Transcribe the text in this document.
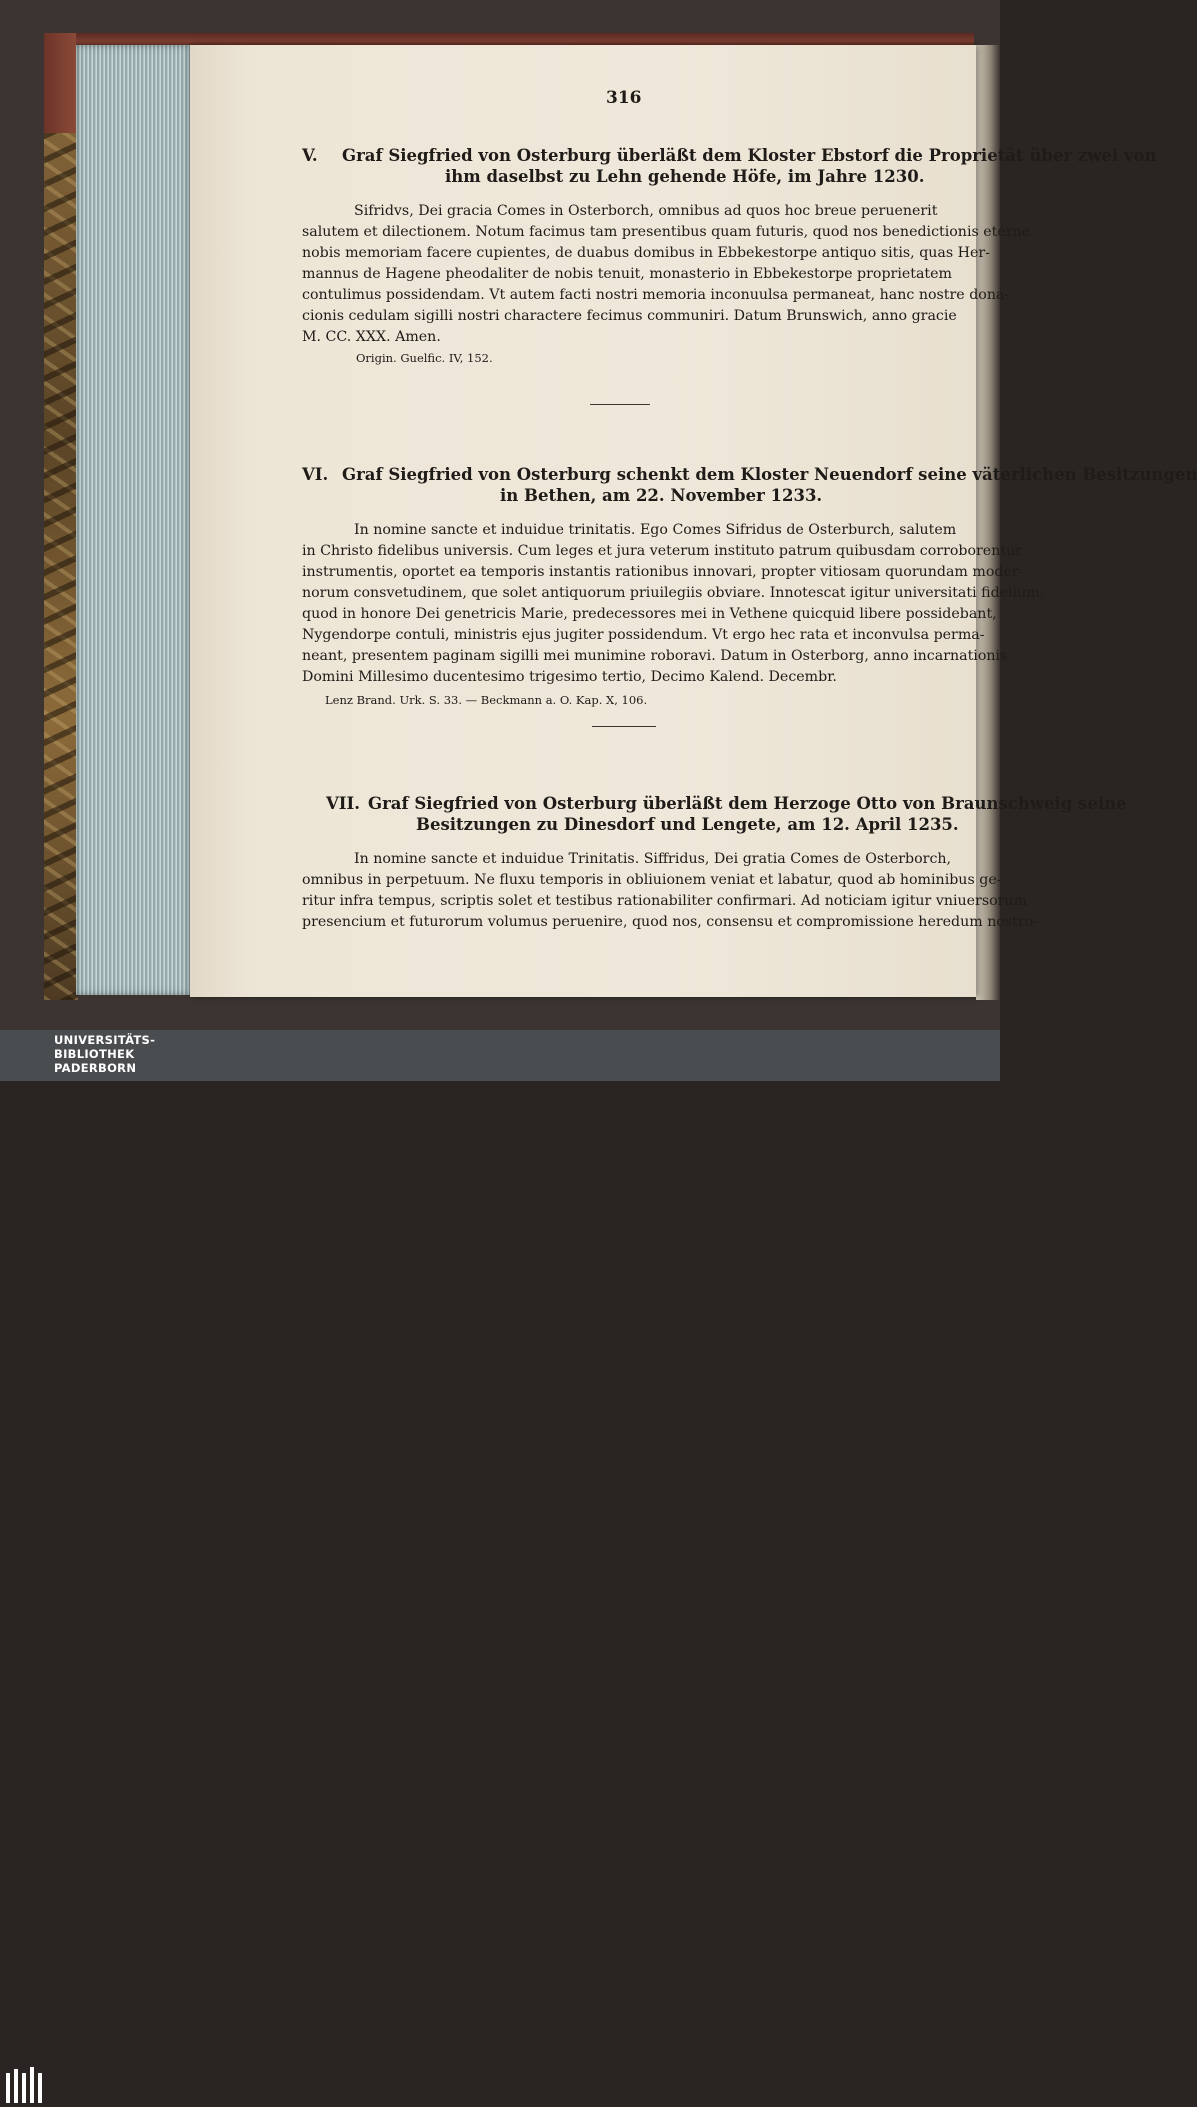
316
V. Graf Siegfried von Osterburg überläßt dem Kloster Ebstorf die Proprietät über zwei von
ihm daselbst zu Lehn gehende Höfe, im Jahre 1230.
Sifridvs, Dei gracia Comes in Osterborch, omnibus ad quos hoc breue peruenerit
salutem et dilectionem. Notum facimus tam presentibus quam futuris, quod nos benedictionis eterne
nobis memoriam facere cupientes, de duabus domibus in Ebbekestorpe antiquo sitis, quas Her-
mannus de Hagene pheodaliter de nobis tenuit, monasterio in Ebbekestorpe proprietatem
contulimus possidendam. Vt autem facti nostri memoria inconuulsa permaneat, hanc nostre dona-
cionis cedulam sigilli nostri charactere fecimus communiri. Datum Brunswich, anno gracie
M. CC. XXX. Amen.
Origin. Guelfic. IV, 152.
VI. Graf Siegfried von Osterburg schenkt dem Kloster Neuendorf seine väterlichen Besitzungen
in Bethen, am 22. November 1233.
In nomine sancte et induidue trinitatis. Ego Comes Sifridus de Osterburch, salutem
in Christo fidelibus universis. Cum leges et jura veterum instituto patrum quibusdam corroborentur
instrumentis, oportet ea temporis instantis rationibus innovari, propter vitiosam quorundam moder-
norum consvetudinem, que solet antiquorum priuilegiis obviare. Innotescat igitur universitati fidelium,
quod in honore Dei genetricis Marie, predecessores mei in Vethene quicquid libere possidebant,
Nygendorpe contuli, ministris ejus jugiter possidendum. Vt ergo hec rata et inconvulsa perma-
neant, presentem paginam sigilli mei munimine roboravi. Datum in Osterborg, anno incarnationis
Domini Millesimo ducentesimo trigesimo tertio, Decimo Kalend. Decembr.
Lenz Brand. Urk. S. 33. — Beckmann a. O. Kap. X, 106.
VII. Graf Siegfried von Osterburg überläßt dem Herzoge Otto von Braunschweig seine
Besitzungen zu Dinesdorf und Lengete, am 12. April 1235.
In nomine sancte et induidue Trinitatis. Siffridus, Dei gratia Comes de Osterborch,
omnibus in perpetuum. Ne fluxu temporis in obliuionem veniat et labatur, quod ab hominibus ge-
ritur infra tempus, scriptis solet et testibus rationabiliter confirmari. Ad noticiam igitur vniuersorum
presencium et futurorum volumus peruenire, quod nos, consensu et compromissione heredum nostro-
UNIVERSITÄTS-
BIBLIOTHEK
PADERBORN
